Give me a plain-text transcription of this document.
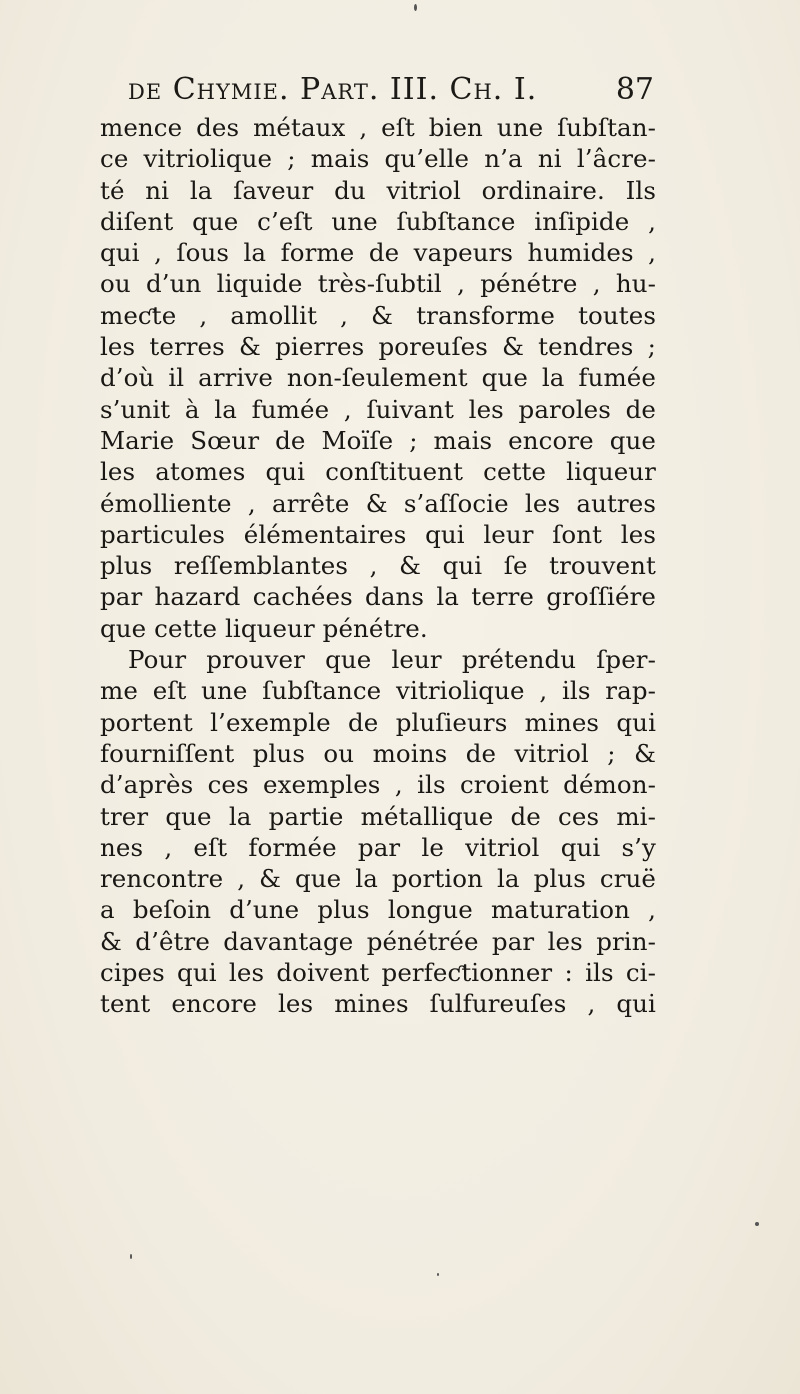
de Chymie. Part. III. Ch. I.	87
mence des métaux , eſt bien une ſubſtan-
ce vitriolique ; mais qu’elle n’a ni l’âcre-
té ni la ſaveur du vitriol ordinaire. Ils
diſent que c’eſt une ſubſtance inſipide ,
qui , ſous la forme de vapeurs humides ,
ou d’un liquide très-ſubtil , pénétre , hu-
meƈte , amollit , & transforme toutes
les terres & pierres poreuſes & tendres ;
d’où il arrive non-ſeulement que la fumée
s’unit à la fumée , ſuivant les paroles de
Marie Sœur de Moïſe ; mais encore que
les atomes qui conſtituent cette liqueur
émolliente , arrête & s’aſſocie les autres
particules élémentaires qui leur ſont les
plus reſſemblantes , & qui ſe trouvent
par hazard cachées dans la terre groſſiére
que cette liqueur pénétre.
Pour prouver que leur prétendu ſper-
me eſt une ſubſtance vitriolique , ils rap-
portent l’exemple de pluſieurs mines qui
fourniſſent plus ou moins de vitriol ; &
d’après ces exemples , ils croient démon-
trer que la partie métallique de ces mi-
nes , eſt formée par le vitriol qui s’y
rencontre , & que la portion la plus cruë
a beſoin d’une plus longue maturation ,
& d’être davantage pénétrée par les prin-
cipes qui les doivent perfeƈtionner : ils ci-
tent encore les mines ſulfureuſes , qui
